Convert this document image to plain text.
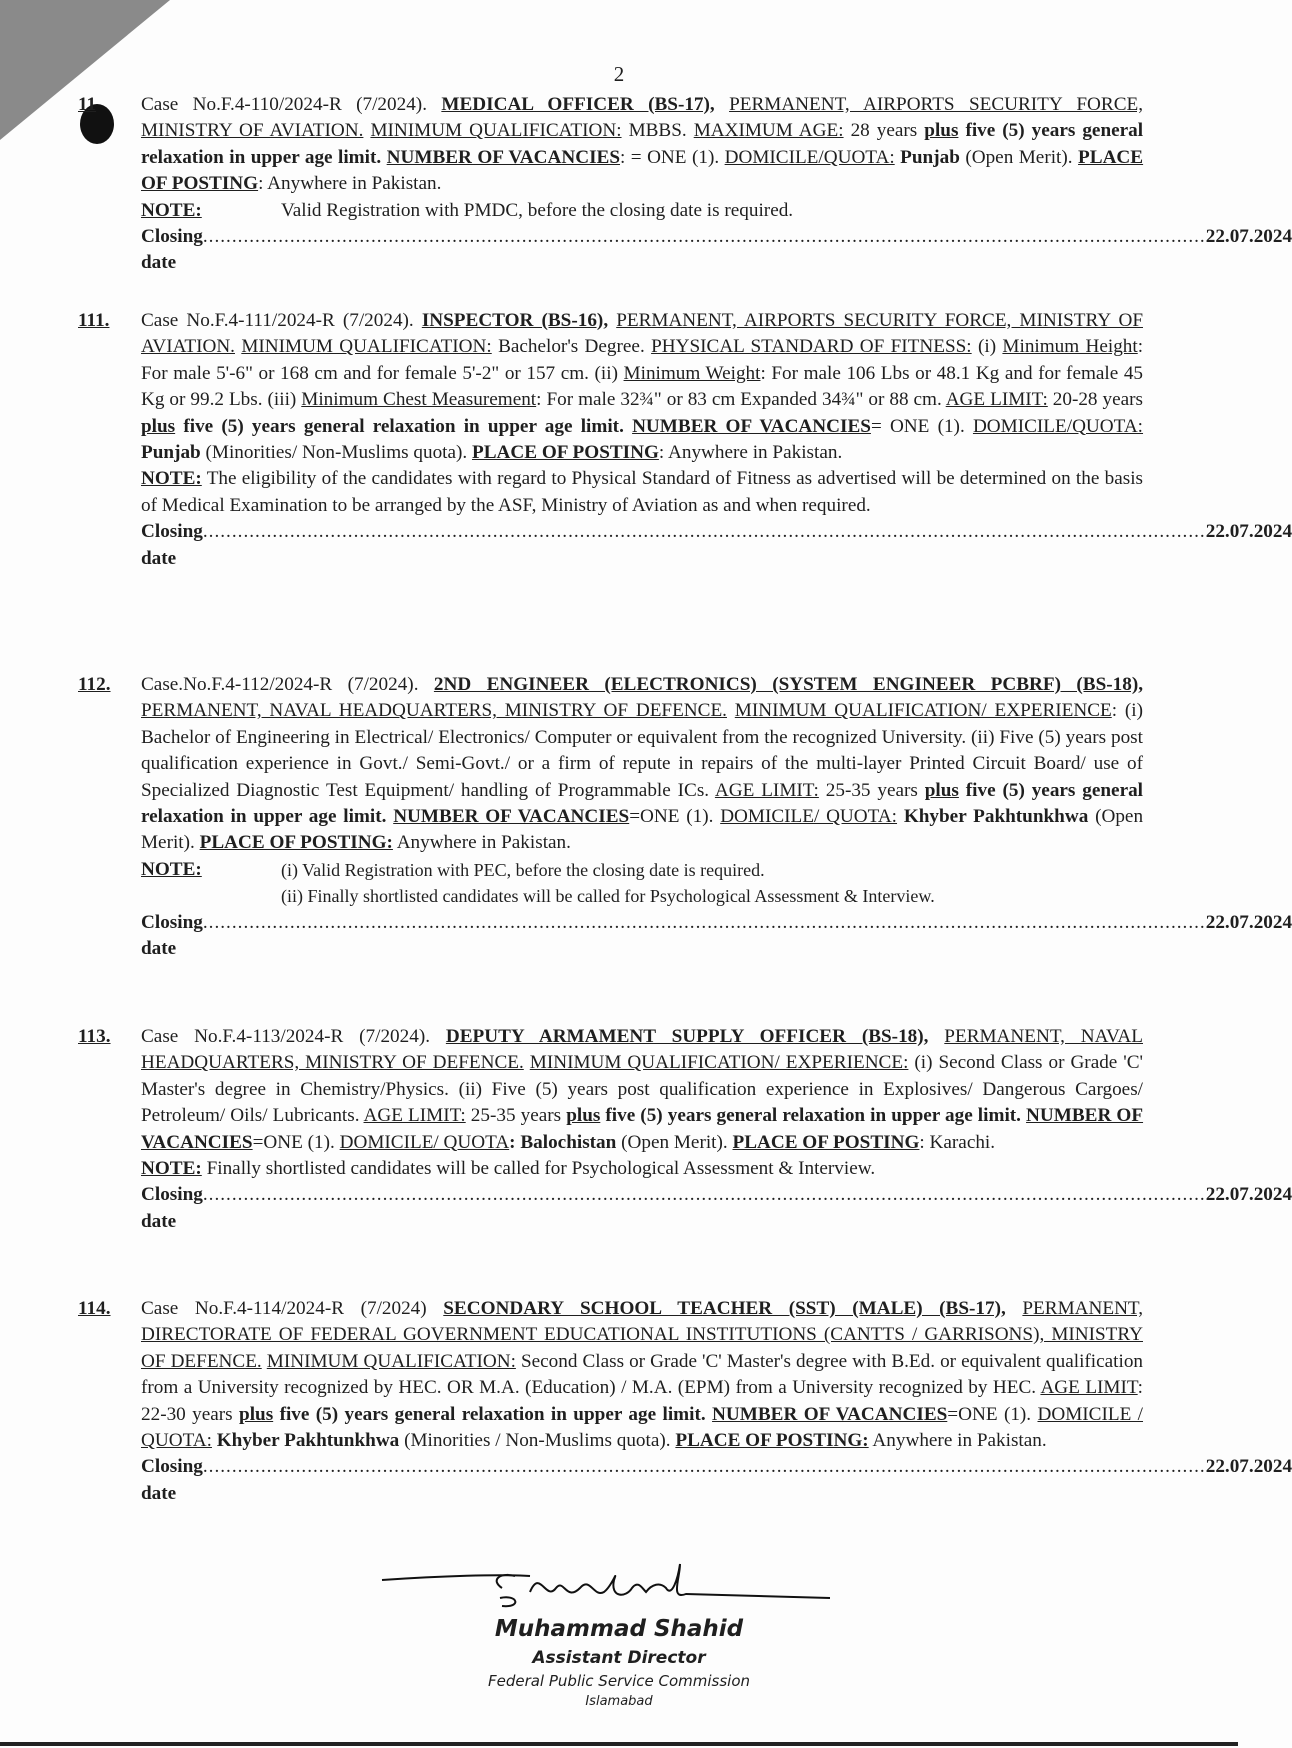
2
11 Case No.F.4-110/2024-R (7/2024). MEDICAL OFFICER (BS-17), PERMANENT, AIRPORTS SECURITY FORCE, MINISTRY OF AVIATION. MINIMUM QUALIFICATION: MBBS. MAXIMUM AGE: 28 years plus five (5) years general relaxation in upper age limit. NUMBER OF VACANCIES: = ONE (1). DOMICILE/QUOTA: Punjab (Open Merit). PLACE OF POSTING: Anywhere in Pakistan.

NOTE:	Valid Registration with PMDC, before the closing date is required.
Closing date
............................................................................................................................................................................. 22.07.2024
111. Case No.F.4-111/2024-R (7/2024). INSPECTOR (BS-16), PERMANENT, AIRPORTS SECURITY FORCE, MINISTRY OF AVIATION. MINIMUM QUALIFICATION: Bachelor's Degree. PHYSICAL STANDARD OF FITNESS: (i) Minimum Height: For male 5'-6" or 168 cm and for female 5'-2" or 157 cm. (ii) Minimum Weight: For male 106 Lbs or 48.1 Kg and for female 45 Kg or 99.2 Lbs. (iii) Minimum Chest Measurement: For male 32¾" or 83 cm Expanded 34¾" or 88 cm. AGE LIMIT: 20-28 years plus five (5) years general relaxation in upper age limit. NUMBER OF VACANCIES= ONE (1). DOMICILE/QUOTA: Punjab (Minorities/ Non-Muslims quota). PLACE OF POSTING: Anywhere in Pakistan.

NOTE: The eligibility of the candidates with regard to Physical Standard of Fitness as advertised will be determined on the basis of Medical Examination to be arranged by the ASF, Ministry of Aviation as and when required.

Closing date
............................................................................................................................................................................. 22.07.2024
112. Case.No.F.4-112/2024-R (7/2024). 2ND ENGINEER (ELECTRONICS) (SYSTEM ENGINEER PCBRF) (BS-18), PERMANENT, NAVAL HEADQUARTERS, MINISTRY OF DEFENCE. MINIMUM QUALIFICATION/ EXPERIENCE: (i) Bachelor of Engineering in Electrical/ Electronics/ Computer or equivalent from the recognized University. (ii) Five (5) years post qualification experience in Govt./ Semi-Govt./ or a firm of repute in repairs of the multi-layer Printed Circuit Board/ use of Specialized Diagnostic Test Equipment/ handling of Programmable ICs. AGE LIMIT: 25-35 years plus five (5) years general relaxation in upper age limit. NUMBER OF VACANCIES=ONE (1). DOMICILE/ QUOTA: Khyber Pakhtunkhwa (Open Merit). PLACE OF POSTING: Anywhere in Pakistan.

NOTE:	(i) Valid Registration with PEC, before the closing date is required.
(ii) Finally shortlisted candidates will be called for Psychological Assessment & Interview.
Closing date
............................................................................................................................................................................. 22.07.2024
113. Case No.F.4-113/2024-R (7/2024). DEPUTY ARMAMENT SUPPLY OFFICER (BS-18), PERMANENT, NAVAL HEADQUARTERS, MINISTRY OF DEFENCE. MINIMUM QUALIFICATION/ EXPERIENCE: (i) Second Class or Grade 'C' Master's degree in Chemistry/Physics. (ii) Five (5) years post qualification experience in Explosives/ Dangerous Cargoes/ Petroleum/ Oils/ Lubricants. AGE LIMIT: 25-35 years plus five (5) years general relaxation in upper age limit. NUMBER OF VACANCIES=ONE (1). DOMICILE/ QUOTA: Balochistan (Open Merit). PLACE OF POSTING: Karachi.

NOTE: Finally shortlisted candidates will be called for Psychological Assessment & Interview.

Closing date
............................................................................................................................................................................. 22.07.2024
114. Case No.F.4-114/2024-R (7/2024) SECONDARY SCHOOL TEACHER (SST) (MALE) (BS-17), PERMANENT, DIRECTORATE OF FEDERAL GOVERNMENT EDUCATIONAL INSTITUTIONS (CANTTS / GARRISONS), MINISTRY OF DEFENCE. MINIMUM QUALIFICATION: Second Class or Grade 'C' Master's degree with B.Ed. or equivalent qualification from a University recognized by HEC. OR M.A. (Education) / M.A. (EPM) from a University recognized by HEC. AGE LIMIT: 22-30 years plus five (5) years general relaxation in upper age limit. NUMBER OF VACANCIES=ONE (1). DOMICILE / QUOTA: Khyber Pakhtunkhwa (Minorities / Non-Muslims quota). PLACE OF POSTING: Anywhere in Pakistan.

Closing date
............................................................................................................................................................................. 22.07.2024
Muhammad Shahid
Assistant Director
Federal Public Service Commission
Islamabad
